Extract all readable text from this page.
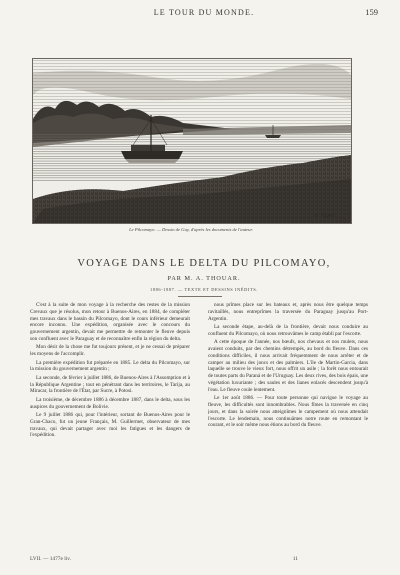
LE TOUR DU MONDE.	159
G. Taylor
Le Pilcomayo. — Dessin de Guy, d'après les documents de l'auteur.
VOYAGE DANS LE DELTA DU PILCOMAYO,
PAR M. A. THOUAR.
1886-1887. — TEXTE ET DESSINS INÉDITS.

C'est à la suite de mon voyage à la recherche des restes de la mission Crevaux que je résolus, mon retour à Buenos-Aires, en 1884, de compléter mes travaux dans le bassin du Pilcomayo, dont le cours inférieur demeurait encore inconnu. Une expédition, organisée avec le concours du gouvernement argentin, devait me permettre de remonter le fleuve depuis son confluent avec le Paraguay et de reconnaître enfin la région du delta.

Mon désir de la chose me fut toujours présent, et je ne cessai de préparer les moyens de l'accomplir.

La première expédition fut préparée en 1885. Le delta du Pilcomayo, sur la mission du gouvernement argentin ;

La seconde, de février à juillet 1886, de Buenos-Aires à l'Assomption et à la République Argentine ; tout en pénétrant dans les territoires, le Tarija, au Miracar, la frontière de l'État, par Sucre, à Potosi.

La troisième, de décembre 1886 à décembre 1887, dans le delta, sous les auspices du gouvernement de Bolivie.

Le 9 juillet 1886 qui, pour l'intérieur, sortant de Buenos-Aires pour le Gran-Chaco, fut un jeune Français, M. Guillermet, observateur de mes travaux, qui devait partager avec moi les fatigues et les dangers de l'expédition.

nous prîmes place sur les bateaux et, après nous être quelque temps ravitaillés, nous entreprîmes la traversée du Paraguay jusqu'au Port-Argentin.

La seconde étape, au-delà de la frontière, devait nous conduire au confluent du Pilcomayo, où nous retrouvâmes le camp établi par l'escorte.

A cette époque de l'année, nos bœufs, nos chevaux et nos mulets, nous avaient conduits, par des chemins détrempés, au bord du fleuve. Dans ces conditions difficiles, il nous arrivait fréquemment de nous arrêter et de camper au milieu des joncs et des palmiers. L'île de Martin-Garcia, dans laquelle se trouve le vieux fort, nous offrit un asile ; la forêt nous entourait de toutes parts du Paraná et de l'Uruguay. Les deux rives, des bois épais, une végétation luxuriante ; des saules et des lianes enlacés descendent jusqu'à l'eau. Le fleuve coule lentement.

Le 1er août 1886. — Pour toute personne qui navigue le voyage au fleuve, les difficultés sont innombrables. Nous fîmes la traversée en cinq jours, et dans la soirée nous atteignîmes le campement où nous attendait l'escorte. Le lendemain, nous continuâmes notre route en remontant le courant, et le soir même nous étions au bord du fleuve.

LVII. — 1477e liv.	11
